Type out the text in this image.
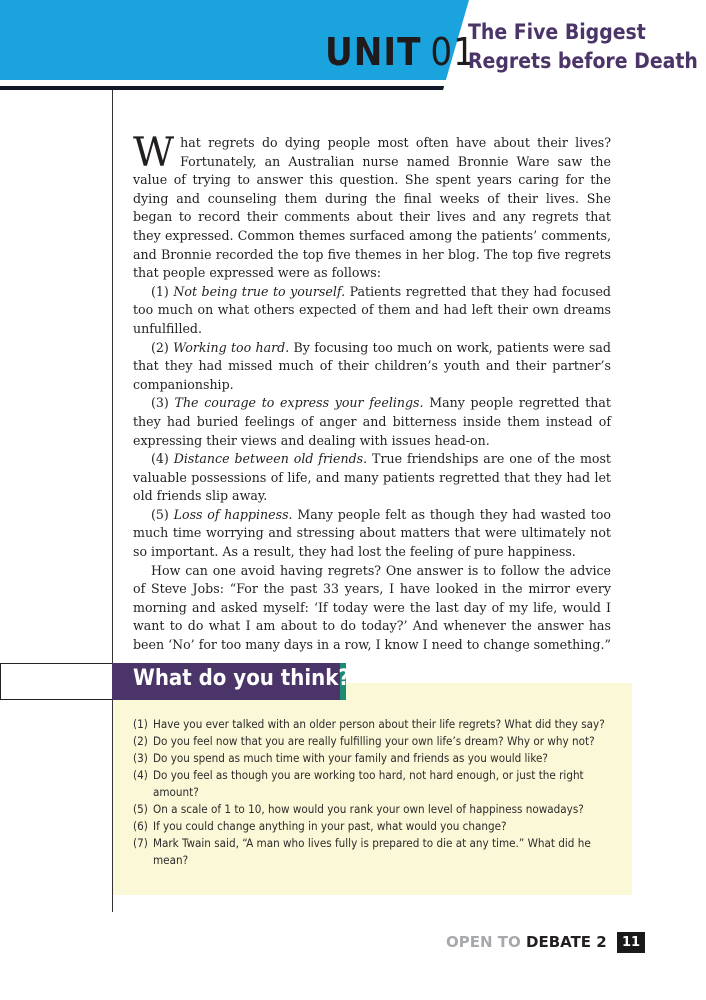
UNIT 01
The Five Biggest
Regrets before Death

What regrets do dying people most often have about their lives? Fortunately, an Australian nurse named Bronnie Ware saw the value of trying to answer this question. She spent years caring for the dying and counseling them during the final weeks of their lives. She began to record their comments about their lives and any regrets that they expressed. Common themes surfaced among the patients’ comments, and Bronnie recorded the top five themes in her blog. The top five regrets that people expressed were as follows:

(1) Not being true to yourself. Patients regretted that they had focused too much on what others expected of them and had left their own dreams unfulfilled.

(2) Working too hard. By focusing too much on work, patients were sad that they had missed much of their children’s youth and their partner’s companionship.

(3) The courage to express your feelings. Many people regretted that they had buried feelings of anger and bitterness inside them instead of expressing their views and dealing with issues head-on.

(4) Distance between old friends. True friendships are one of the most valuable possessions of life, and many patients regretted that they had let old friends slip away.

(5) Loss of happiness. Many people felt as though they had wasted too much time worrying and stressing about matters that were ultimately not so important. As a result, they had lost the feeling of pure happiness.

How can one avoid having regrets? One answer is to follow the advice of Steve Jobs: “For the past 33 years, I have looked in the mirror every morning and asked myself: ‘If today were the last day of my life, would I want to do what I am about to do today?’ And whenever the answer has been ‘No’ for too many days in a row, I know I need to change something.”

What do you think?
(1) Have you ever talked with an older person about their life regrets? What did they say?
(2) Do you feel now that you are really fulfilling your own life’s dream? Why or why not?
(3) Do you spend as much time with your family and friends as you would like?
(4) Do you feel as though you are working too hard, not hard enough, or just the right amount?
(5) On a scale of 1 to 10, how would you rank your own level of happiness nowadays?
(6) If you could change anything in your past, what would you change?
(7) Mark Twain said, “A man who lives fully is prepared to die at any time.” What did he mean?
OPEN TO DEBATE 2	11
